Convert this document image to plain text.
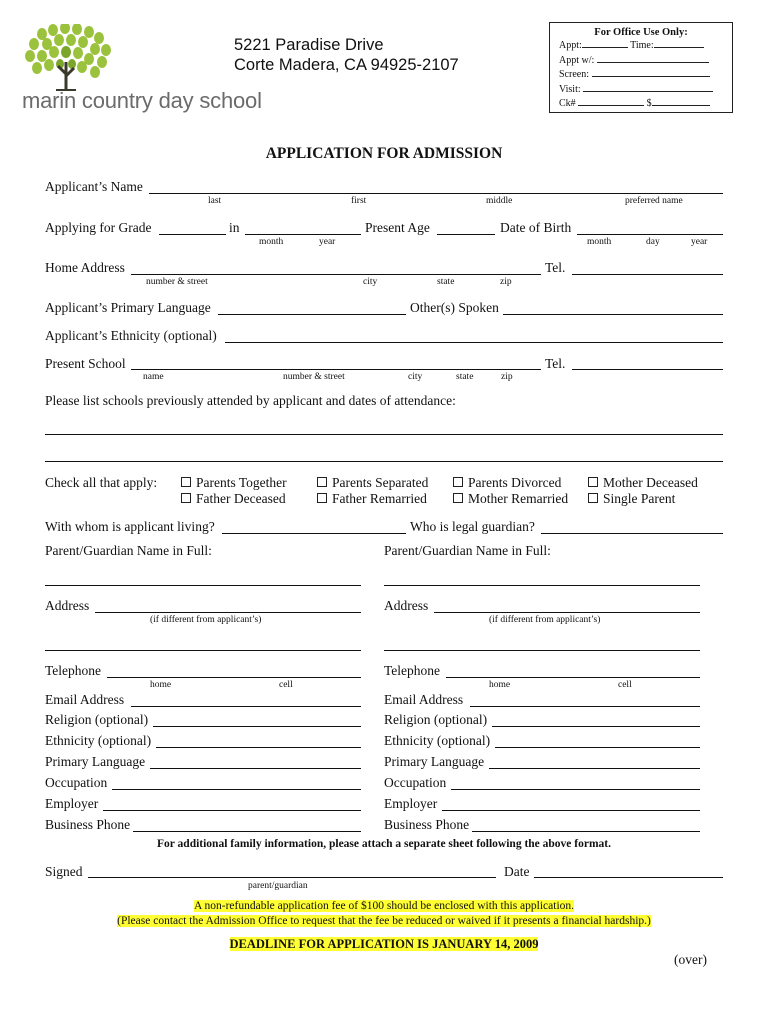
marin country day school
5221 Paradise Drive
Corte Madera, CA 94925-2107
For Office Use Only:
Appt:	Time:
Appt w/:
Screen:
Visit:
Ck#	$
APPLICATION FOR ADMISSION
Applicant’s Name
last	first	middle	preferred name
Applying for Grade	in
month	year
Present Age	Date of Birth
month	day	year
Home Address
number & street	city	state	zip
Tel.
Applicant’s Primary Language	Other(s) Spoken
Applicant’s Ethnicity (optional)
Present School
name	number & street	city	state	zip
Tel.
Please list schools previously attended by applicant and dates of attendance:
Check all that apply:	Parents Together	Parents Separated	Parents Divorced	Mother Deceased
Father Deceased	Father Remarried	Mother Remarried	Single Parent
With whom is applicant living?	Who is legal guardian?
Parent/Guardian Name in Full:
Address
(if different from applicant’s)
Telephone
home	cell
Email Address
Religion (optional)
Ethnicity (optional)
Primary Language
Occupation
Employer
Business Phone
Parent/Guardian Name in Full:
Address
(if different from applicant’s)
Telephone
home	cell
Email Address
Religion (optional)
Ethnicity (optional)
Primary Language
Occupation
Employer
Business Phone
For additional family information, please attach a separate sheet following the above format.
Signed
parent/guardian
Date
A non-refundable application fee of $100 should be enclosed with this application.
(Please contact the Admission Office to request that the fee be reduced or waived if it presents a financial hardship.)
DEADLINE FOR APPLICATION IS JANUARY 14, 2009
(over)
